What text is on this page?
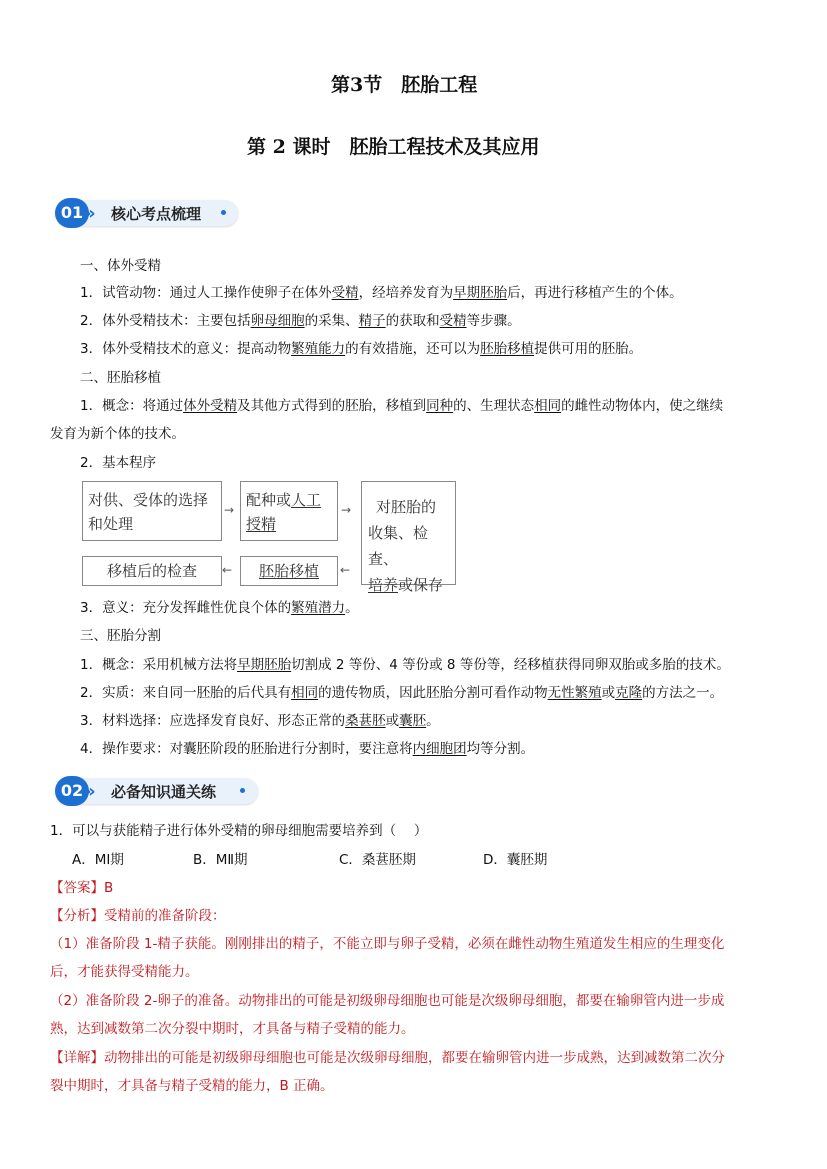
第3节　胚胎工程
第 2 课时　胚胎工程技术及其应用
01 » 核心考点梳理
一、体外受精
1．试管动物：通过人工操作使卵子在体外受精，经培养发育为早期胚胎后，再进行移植产生的个体。
2．体外受精技术：主要包括卵母细胞的采集、精子的获取和受精等步骤。
3．体外受精技术的意义：提高动物繁殖能力的有效措施，还可以为胚胎移植提供可用的胚胎。
二、胚胎移植
1．概念：将通过体外受精及其他方式得到的胚胎，移植到同种的、生理状态相同的雌性动物体内，使之继续
发育为新个体的技术。
2．基本程序
对供、受体的选择
和处理
→
配种或人工
授精
→	对胚胎的
收集、检查、
培养或保存
←
胚胎移植
←
移植后的检查
3．意义：充分发挥雌性优良个体的繁殖潜力。
三、胚胎分割
1．概念：采用机械方法将早期胚胎切割成 2 等份、4 等份或 8 等份等，经移植获得同卵双胎或多胎的技术。
2．实质：来自同一胚胎的后代具有相同的遗传物质，因此胚胎分割可看作动物无性繁殖或克隆的方法之一。
3．材料选择：应选择发育良好、形态正常的桑葚胚或囊胚。
4．操作要求：对囊胚阶段的胚胎进行分割时，要注意将内细胞团均等分割。
02 » 必备知识通关练
1．可以与获能精子进行体外受精的卵母细胞需要培养到（　 ）
A．MⅠ期	B．MⅡ期	C．桑葚胚期	D．囊胚期
【答案】B
【分析】受精前的准备阶段：
（1）准备阶段 1-精子获能。刚刚排出的精子，不能立即与卵子受精，必须在雌性动物生殖道发生相应的生理变化
后，才能获得受精能力。
（2）准备阶段 2-卵子的准备。动物排出的可能是初级卵母细胞也可能是次级卵母细胞，都要在输卵管内进一步成
熟，达到减数第二次分裂中期时，才具备与精子受精的能力。
【详解】动物排出的可能是初级卵母细胞也可能是次级卵母细胞，都要在输卵管内进一步成熟，达到减数第二次分
裂中期时，才具备与精子受精的能力，B 正确。
